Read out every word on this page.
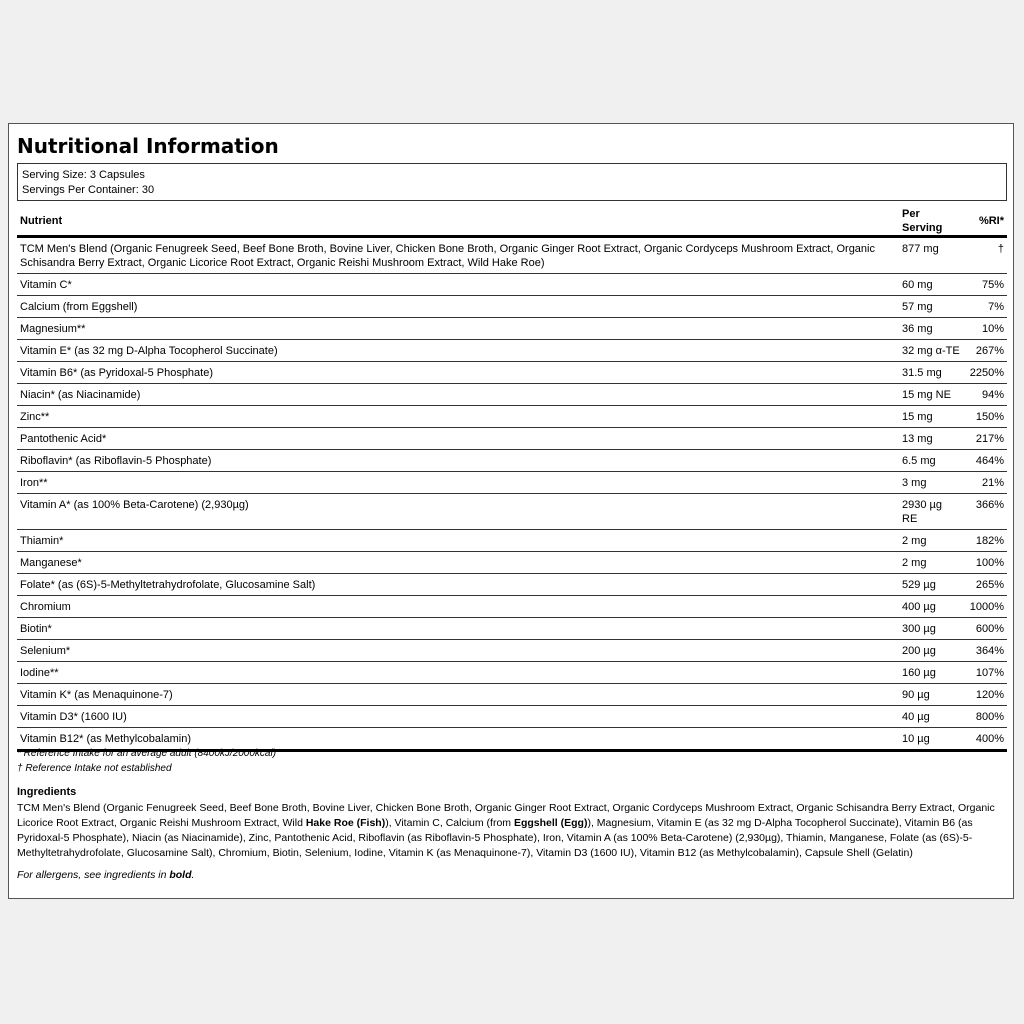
Nutritional Information
Serving Size: 3 Capsules
Servings Per Container: 30
Nutrient	Per Serving	%RI*
TCM Men's Blend (Organic Fenugreek Seed, Beef Bone Broth, Bovine Liver, Chicken Bone Broth, Organic Ginger Root Extract, Organic Cordyceps Mushroom Extract, Organic Schisandra Berry Extract, Organic Licorice Root Extract, Organic Reishi Mushroom Extract, Wild Hake Roe)	877 mg	†
Vitamin C*	60 mg	75%
Calcium (from Eggshell)	57 mg	7%
Magnesium**	36 mg	10%
Vitamin E* (as 32 mg D-Alpha Tocopherol Succinate)	32 mg α-TE	267%
Vitamin B6* (as Pyridoxal-5 Phosphate)	31.5 mg	2250%
Niacin* (as Niacinamide)	15 mg NE	94%
Zinc**	15 mg	150%
Pantothenic Acid*	13 mg	217%
Riboflavin* (as Riboflavin-5 Phosphate)	6.5 mg	464%
Iron**	3 mg	21%
Vitamin A* (as 100% Beta-Carotene) (2,930µg)	2930 µg RE	366%
Thiamin*	2 mg	182%
Manganese*	2 mg	100%
Folate* (as (6S)-5-Methyltetrahydrofolate, Glucosamine Salt)	529 µg	265%
Chromium	400 µg	1000%
Biotin*	300 µg	600%
Selenium*	200 µg	364%
Iodine**	160 µg	107%
Vitamin K* (as Menaquinone-7)	90 µg	120%
Vitamin D3* (1600 IU)	40 µg	800%
Vitamin B12* (as Methylcobalamin)	10 µg	400%
* Reference Intake for an average adult (8400kJ/2000kcal)
† Reference Intake not established
Ingredients
TCM Men's Blend (Organic Fenugreek Seed, Beef Bone Broth, Bovine Liver, Chicken Bone Broth, Organic Ginger Root Extract, Organic Cordyceps Mushroom Extract, Organic Schisandra Berry Extract, Organic Licorice Root Extract, Organic Reishi Mushroom Extract, Wild Hake Roe (Fish)), Vitamin C, Calcium (from Eggshell (Egg)), Magnesium, Vitamin E (as 32 mg D-Alpha Tocopherol Succinate), Vitamin B6 (as Pyridoxal-5 Phosphate), Niacin (as Niacinamide), Zinc, Pantothenic Acid, Riboflavin (as Riboflavin-5 Phosphate), Iron, Vitamin A (as 100% Beta-Carotene) (2,930µg), Thiamin, Manganese, Folate (as (6S)-5-Methyltetrahydrofolate, Glucosamine Salt), Chromium, Biotin, Selenium, Iodine, Vitamin K (as Menaquinone-7), Vitamin D3 (1600 IU), Vitamin B12 (as Methylcobalamin), Capsule Shell (Gelatin)
For allergens, see ingredients in bold.
